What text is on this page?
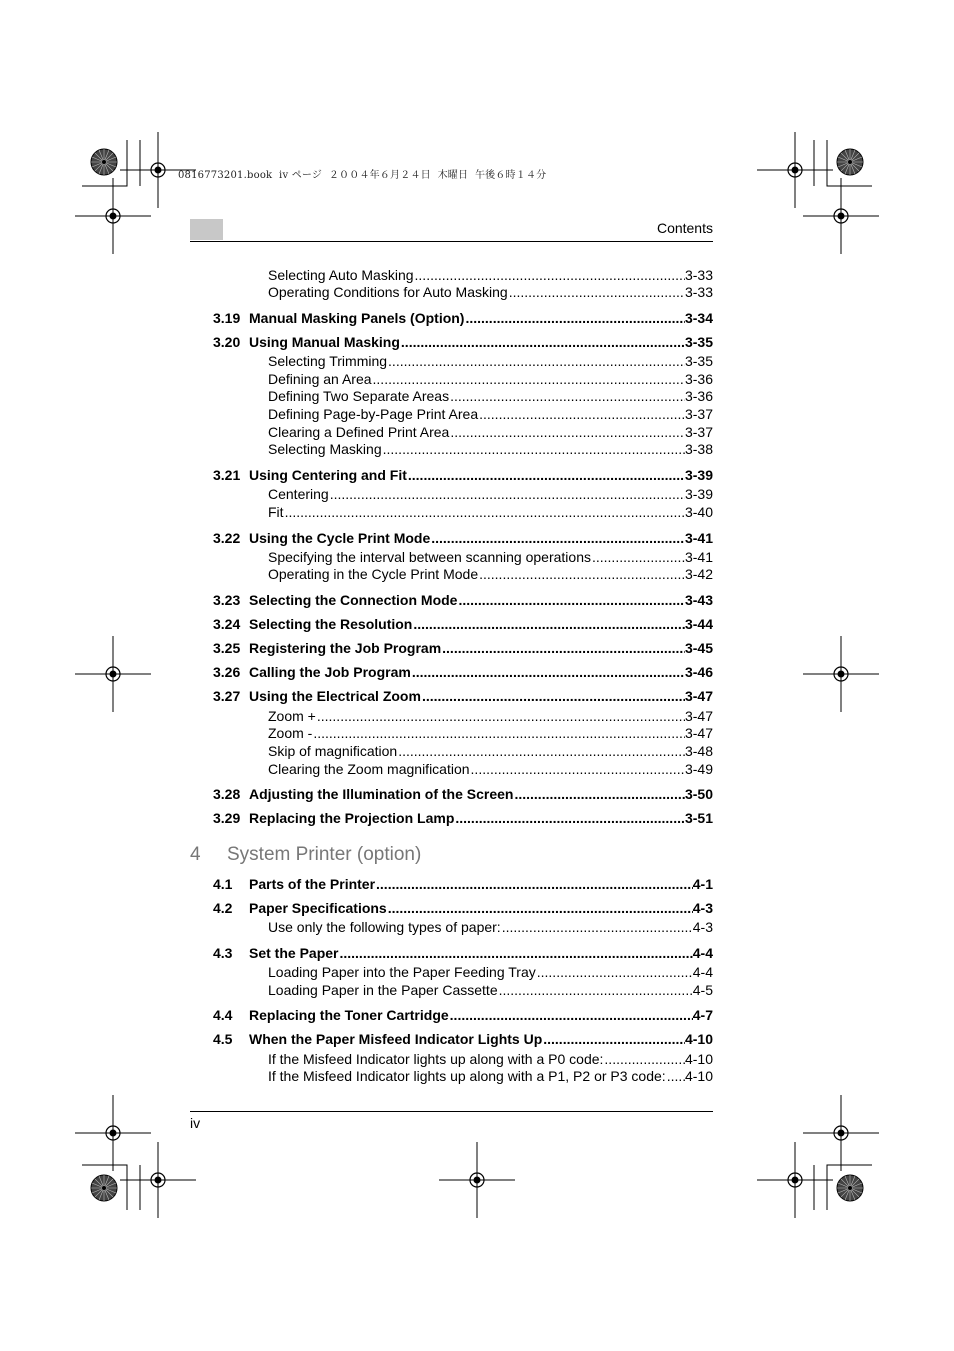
0816773201.book  iv ページ  ２００４年６月２４日  木曜日  午後６時１４分
Contents
Selecting Auto Masking .....	3-33
Operating Conditions for Auto Masking .....	3-33
3.19 Manual Masking Panels (Option) .....	3-34
3.20 Using Manual Masking .....	3-35
Selecting Trimming .....	3-35
Defining an Area .....	3-36
Defining Two Separate Areas .....	3-36
Defining Page-by-Page Print Area .....	3-37
Clearing a Defined Print Area .....	3-37
Selecting Masking .....	3-38
3.21 Using Centering and Fit .....	3-39
Centering .....	3-39
Fit .....	3-40
3.22 Using the Cycle Print Mode .....	3-41
Specifying the interval between scanning operations .....	3-41
Operating in the Cycle Print Mode .....	3-42
3.23 Selecting the Connection Mode .....	3-43
3.24 Selecting the Resolution .....	3-44
3.25 Registering the Job Program .....	3-45
3.26 Calling the Job Program .....	3-46
3.27 Using the Electrical Zoom .....	3-47
Zoom + .....	3-47
Zoom - .....	3-47
Skip of magnification .....	3-48
Clearing the Zoom magnification .....	3-49
3.28 Adjusting the Illumination of the Screen .....	3-50
3.29 Replacing the Projection Lamp .....	3-51
4.1 Parts of the Printer .....	4-1
4.2 Paper Specifications .....	4-3
Use only the following types of paper: .....	4-3
4.3 Set the Paper .....	4-4
Loading Paper into the Paper Feeding Tray .....	4-4
Loading Paper in the Paper Cassette .....	4-5
4.4 Replacing the Toner Cartridge .....	4-7
4.5 When the Paper Misfeed Indicator Lights Up .....	4-10
If the Misfeed Indicator lights up along with a P0 code: .....	4-10
If the Misfeed Indicator lights up along with a P1, P2 or P3 code: ..... 4-10
4 System Printer (option)
iv
